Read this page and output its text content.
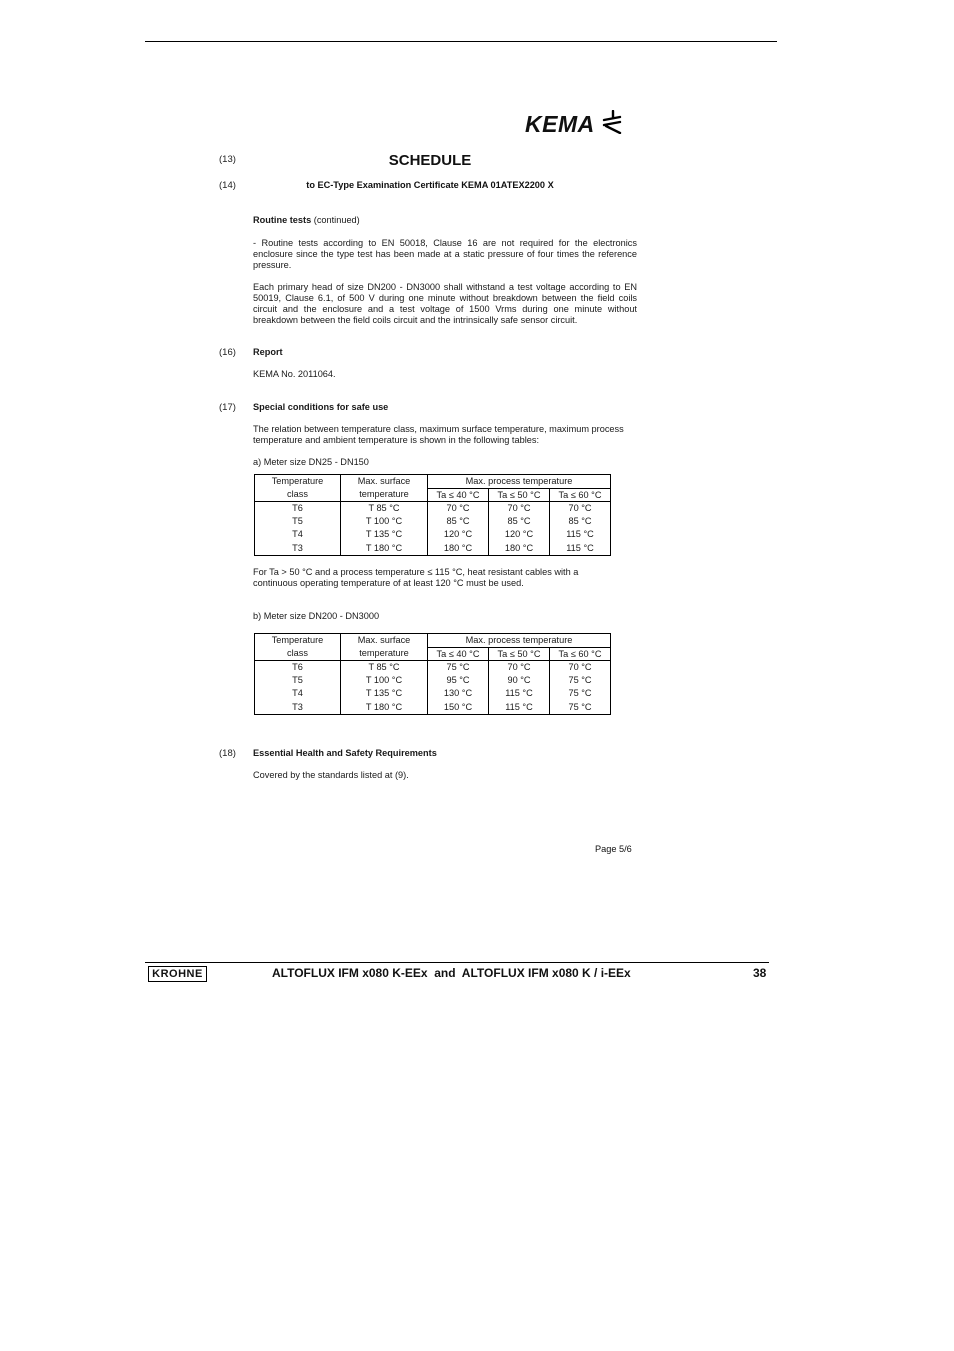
KEMA
(13)	SCHEDULE
(14)	to EC-Type Examination Certificate KEMA 01ATEX2200 X
Routine tests (continued)
- Routine tests according to EN 50018, Clause 16 are not required for the electronics enclosure since the type test has been made at a static pressure of four times the reference pressure.
Each primary head of size DN200 - DN3000 shall withstand a test voltage according to EN 50019, Clause 6.1, of 500 V during one minute without breakdown between the field coils circuit and the enclosure and a test voltage of 1500 Vrms during one minute without breakdown between the field coils circuit and the intrinsically safe sensor circuit.
(16) Report
KEMA No. 2011064.
(17) Special conditions for safe use
The relation between temperature class, maximum surface temperature, maximum process temperature and ambient temperature is shown in the following tables:
a) Meter size DN25 - DN150
Temperature	Max. surface	Max. process temperature		
class	temperature	Ta ≤ 40 °C	Ta ≤ 50 °C	Ta ≤ 60 °C
T6	T 85 °C	70 °C	70 °C	70 °C
T5	T 100 °C	85 °C	85 °C	85 °C
T4	T 135 °C	120 °C	120 °C	115 °C
T3	T 180 °C	180 °C	180 °C	115 °C
For Ta > 50 °C and a process temperature ≤ 115 °C, heat resistant cables with a continuous operating temperature of at least 120 °C must be used.
b) Meter size DN200 - DN3000
Temperature	Max. surface	Max. process temperature		
class	temperature	Ta ≤ 40 °C	Ta ≤ 50 °C	Ta ≤ 60 °C
T6	T 85 °C	75 °C	70 °C	70 °C
T5	T 100 °C	95 °C	90 °C	75 °C
T4	T 135 °C	130 °C	115 °C	75 °C
T3	T 180 °C	150 °C	115 °C	75 °C
(18) Essential Health and Safety Requirements
Covered by the standards listed at (9).
Page 5/6
KROHNE	ALTOFLUX IFM x080 K-EEx  and  ALTOFLUX IFM x080 K / i-EEx	38
